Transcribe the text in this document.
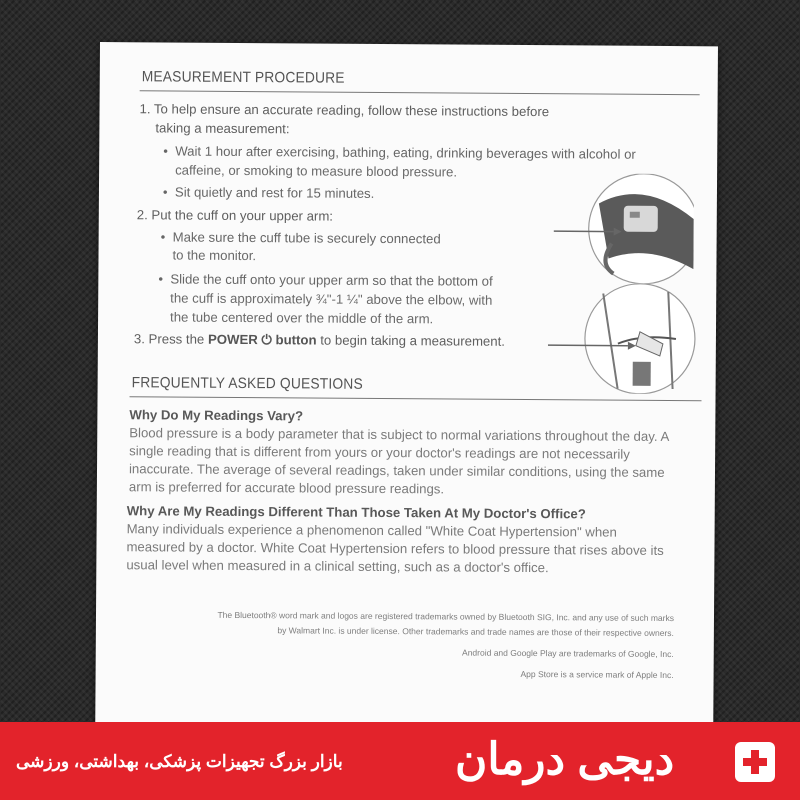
MEASUREMENT PROCEDURE
1. To help ensure an accurate reading, follow these instructions before
taking a measurement:
• Wait 1 hour after exercising, bathing, eating, drinking beverages with alcohol or
caffeine, or smoking to measure blood pressure.
• Sit quietly and rest for 15 minutes.
2. Put the cuff on your upper arm:
• Make sure the cuff tube is securely connected
to the monitor.
• Slide the cuff onto your upper arm so that the bottom of
the cuff is approximately ¾"-1 ¼" above the elbow, with
the tube centered over the middle of the arm.
3. Press the POWER ⏻ button to begin taking a measurement.
FREQUENTLY ASKED QUESTIONS
Why Do My Readings Vary?
Blood pressure is a body parameter that is subject to normal variations throughout the day. A single reading that is different from yours or your doctor's readings are not necessarily inaccurate. The average of several readings, taken under similar conditions, using the same arm is preferred for accurate blood pressure readings.
Why Are My Readings Different Than Those Taken At My Doctor's Office?
Many individuals experience a phenomenon called "White Coat Hypertension" when measured by a doctor. White Coat Hypertension refers to blood pressure that rises above its usual level when measured in a clinical setting, such as a doctor's office.
The Bluetooth® word mark and logos are registered trademarks owned by Bluetooth SIG, Inc. and any use of such marks
by Walmart Inc. is under license. Other trademarks and trade names are those of their respective owners.
Android and Google Play are trademarks of Google, Inc.
App Store is a service mark of Apple Inc.
بازار بزرگ تجهیزات پزشکی، بهداشتی، ورزشی	دیجی درمان
